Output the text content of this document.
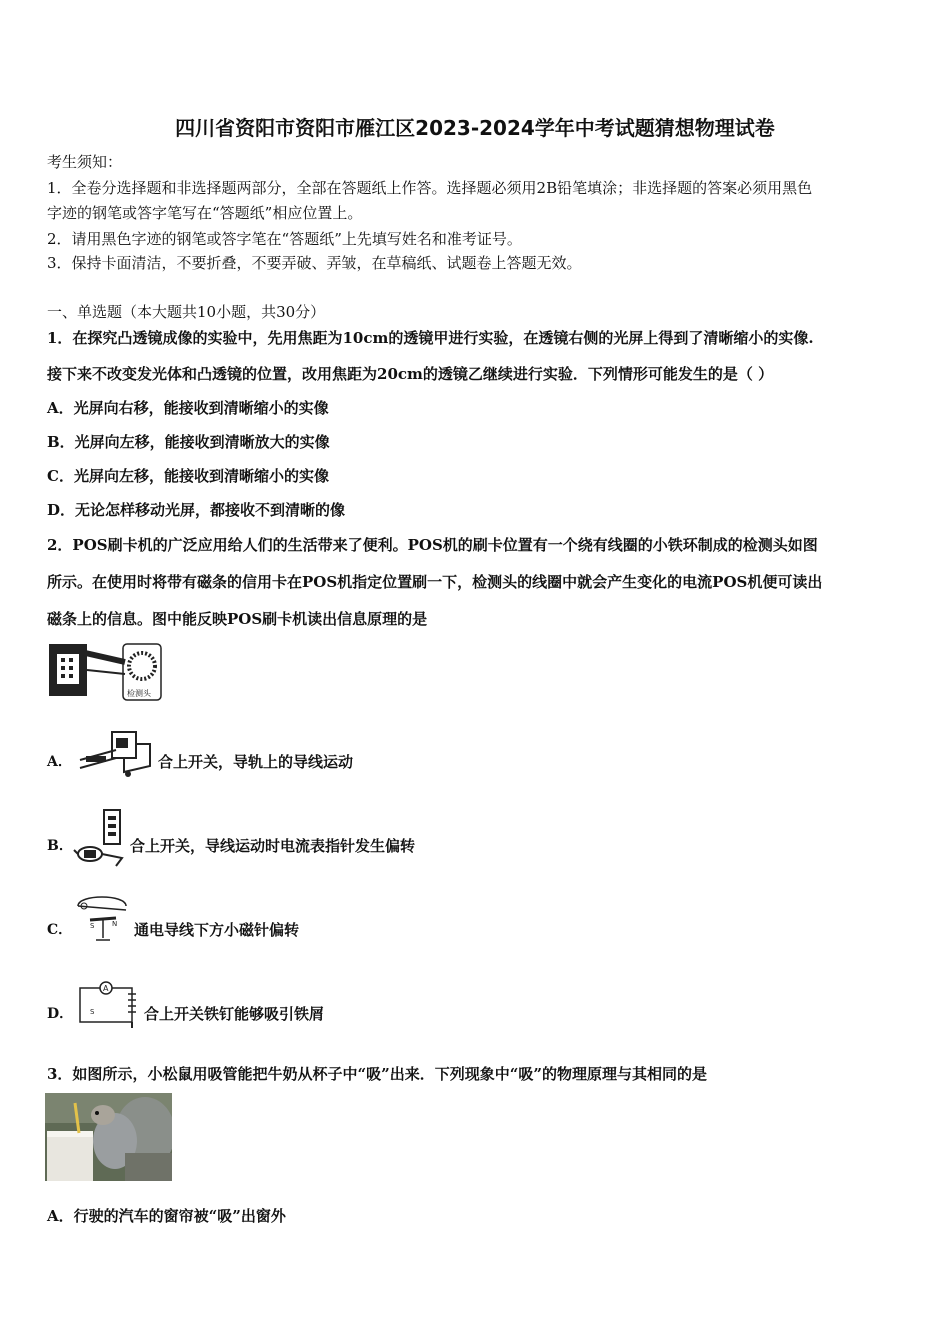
四川省资阳市资阳市雁江区2023-2024学年中考试题猜想物理试卷
考生须知：
1．全卷分选择题和非选择题两部分，全部在答题纸上作答。选择题必须用2B铅笔填涂；非选择题的答案必须用黑色
字迹的钢笔或答字笔写在“答题纸”相应位置上。
2．请用黑色字迹的钢笔或答字笔在“答题纸”上先填写姓名和准考证号。
3．保持卡面清洁，不要折叠，不要弄破、弄皱，在草稿纸、试题卷上答题无效。
一、单选题（本大题共10小题，共30分）
1．在探究凸透镜成像的实验中，先用焦距为10cm的透镜甲进行实验，在透镜右侧的光屏上得到了清晰缩小的实像.
接下来不改变发光体和凸透镜的位置，改用焦距为20cm的透镜乙继续进行实验．下列情形可能发生的是（ ）
A．光屏向右移，能接收到清晰缩小的实像
B．光屏向左移，能接收到清晰放大的实像
C．光屏向左移，能接收到清晰缩小的实像
D．无论怎样移动光屏，都接收不到清晰的像
2．POS刷卡机的广泛应用给人们的生活带来了便利。POS机的刷卡位置有一个绕有线圈的小铁环制成的检测头如图
所示。在使用时将带有磁条的信用卡在POS机指定位置刷一下，检测头的线圈中就会产生变化的电流POS机便可读出
磁条上的信息。图中能反映POS刷卡机读出信息原理的是
检测头
A．	合上开关，导轨上的导线运动
B．	合上开关，导线运动时电流表指针发生偏转
C．	S	N 通电导线下方小磁针偏转
D．
A
S	合上开关铁钉能够吸引铁屑
3．如图所示，小松鼠用吸管能把牛奶从杯子中“吸”出来．下列现象中“吸”的物理原理与其相同的是
A．行驶的汽车的窗帘被“吸”出窗外
